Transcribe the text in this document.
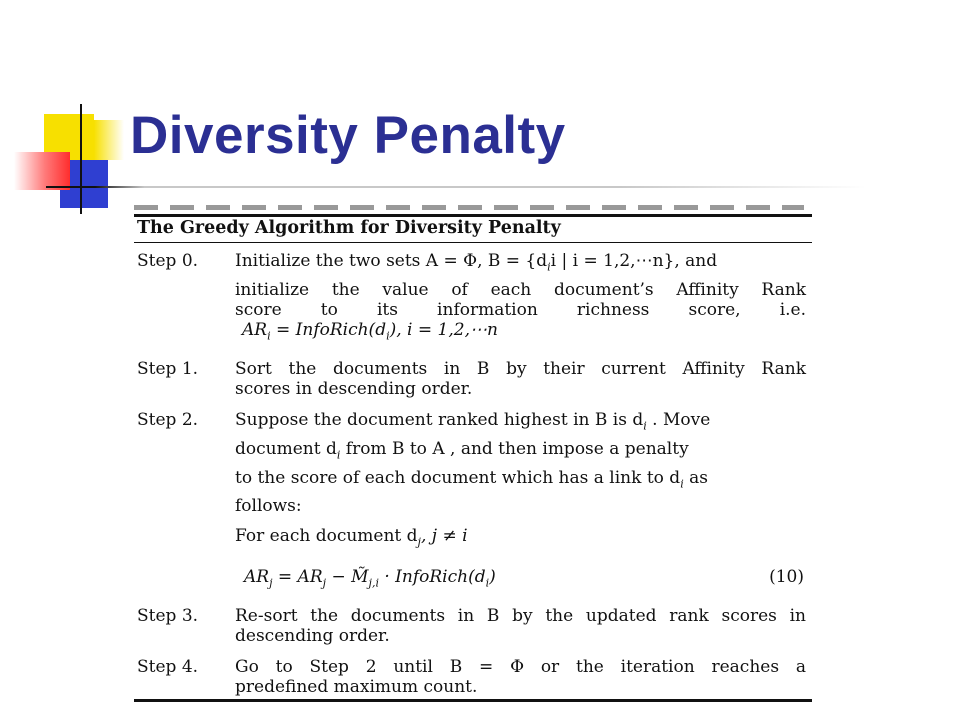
Diversity Penalty
The Greedy Algorithm for Diversity Penalty
Step 0. Initialize the two sets A = Φ, $B = \{d_ii$ | i = 1,2,⋯n}, and
initialize the value of each document’s Affinity Rank
score to its information richness score, i.e.
$AR_i$ = $InfoRich(d_i)$, i = 1,2,⋯n
Step 1. Sort the documents in B by their current Affinity Rank
scores in descending order.
Step 2. Suppose the document ranked highest in B is $d_i$ . Move
document $d_i$ from B to A , and then impose a penalty
to the score of each document which has a link to $d_i$ as
follows:
For each document $d_j$, j ≠ i
$AR_j = AR_j$ − $M̃_{j,i}$ · $InfoRich(d_i)$	(10)
Step 3. Re-sort the documents in B by the updated rank scores in
descending order.
Step 4. Go to Step 2 until B = Φ or the iteration reaches a
predefined maximum count.
